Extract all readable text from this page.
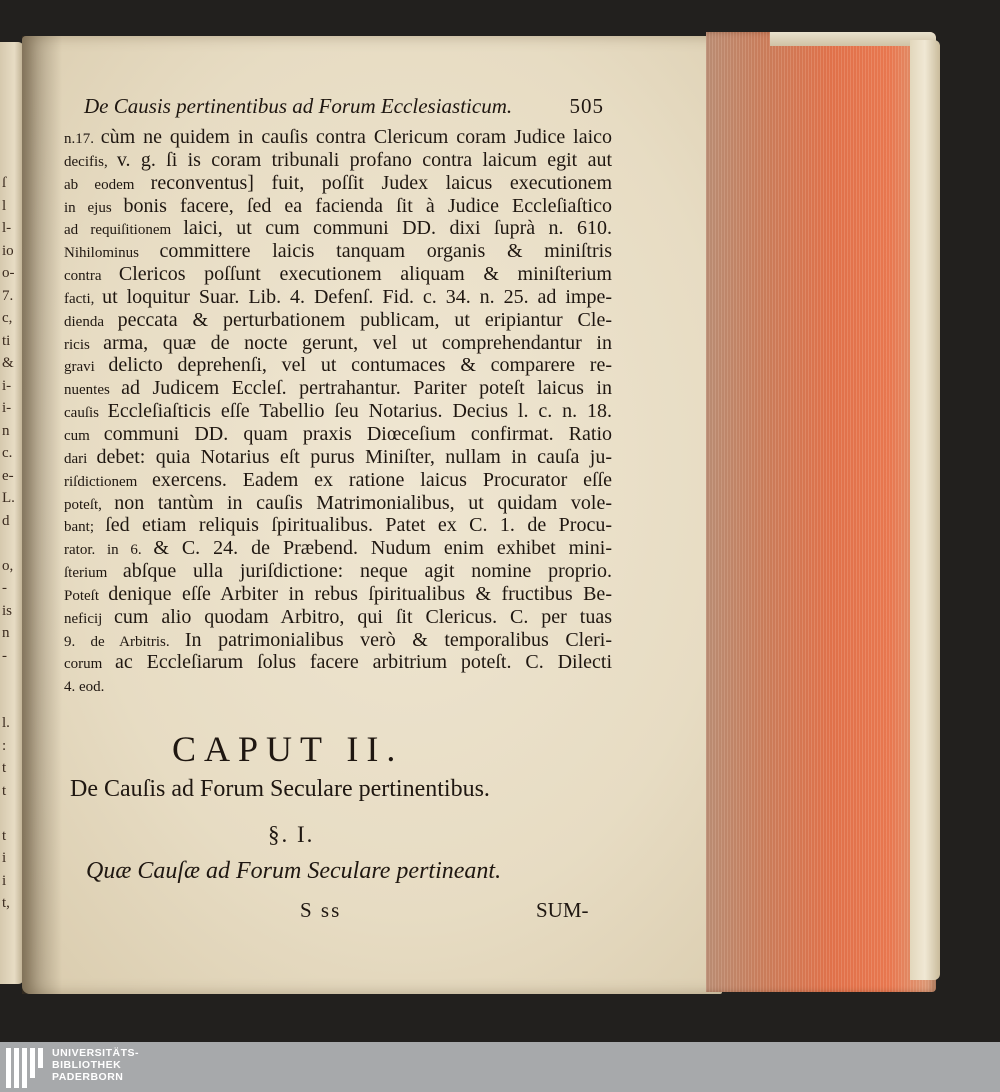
ſ
l
l-
io
o-
7.
c,
ti
&
i-
i-
n
c.
e-
L.
d

o,
-
is
n
-

l.
:
t
t

t
i
i
t,
De Causis pertinentibus ad Forum Ecclesiasticum.	505
n.17. cùm ne quidem in cauſis contra Clericum coram Judice laico
decifis, v. g. ſi is coram tribunali profano contra laicum egit aut
ab eodem reconventus] fuit, poſſit Judex laicus executionem
in ejus bonis facere, ſed ea facienda ſit à Judice Eccleſiaſtico
ad requiſitionem laici, ut cum communi DD. dixi ſuprà n. 610.
Nihilominus committere laicis tanquam organis & miniſtris
contra Clericos poſſunt executionem aliquam & miniſterium
facti, ut loquitur Suar. Lib. 4. Defenſ. Fid. c. 34. n. 25. ad impe-
dienda peccata & perturbationem publicam, ut eripiantur Cle-
ricis arma, quæ de nocte gerunt, vel ut comprehendantur in
gravi delicto deprehenſi, vel ut contumaces & comparere re-
nuentes ad Judicem Eccleſ. pertrahantur. Pariter poteſt laicus in
cauſis Eccleſiaſticis eſſe Tabellio ſeu Notarius. Decius l. c. n. 18.
cum communi DD. quam praxis Diœceſium confirmat. Ratio
dari debet: quia Notarius eſt purus Miniſter, nullam in cauſa ju-
riſdictionem exercens. Eadem ex ratione laicus Procurator eſſe
poteſt, non tantùm in cauſis Matrimonialibus, ut quidam vole-
bant; ſed etiam reliquis ſpiritualibus. Patet ex C. 1. de Procu-
rator. in 6. & C. 24. de Præbend. Nudum enim exhibet mini-
ſterium abſque ulla juriſdictione: neque agit nomine proprio.
Poteſt denique eſſe Arbiter in rebus ſpiritualibus & fructibus Be-
neficij cum alio quodam Arbitro, qui ſit Clericus. C. per tuas
9. de Arbitris. In patrimonialibus verò & temporalibus Cleri-
corum ac Eccleſiarum ſolus facere arbitrium poteſt. C. Dilecti
4. eod.
CAPUT II.
De Cauſis ad Forum Seculare pertinentibus.
§. I.
Quæ Cauſæ ad Forum Seculare pertineant.
S ss	SUM-
UNIVERSITÄTS-
BIBLIOTHEK
PADERBORN
